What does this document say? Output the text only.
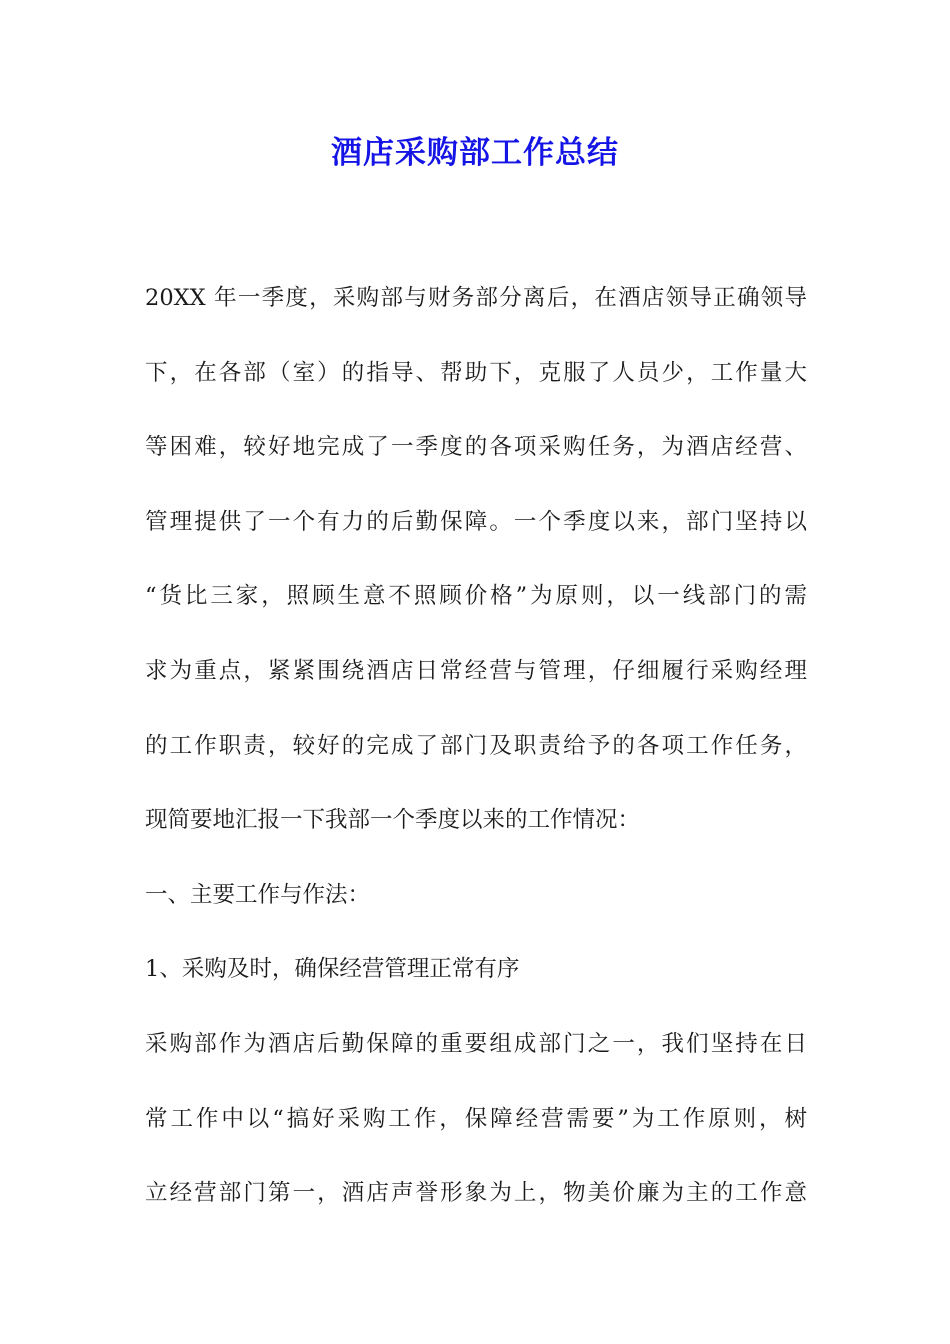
酒店采购部工作总结
20XX 年一季度，采购部与财务部分离后，在酒店领导正确领导
下，在各部（室）的指导、帮助下，克服了人员少，工作量大
等困难，较好地完成了一季度的各项采购任务，为酒店经营、
管理提供了一个有力的后勤保障。一个季度以来，部门坚持以
“货比三家，照顾生意不照顾价格”为原则，以一线部门的需
求为重点，紧紧围绕酒店日常经营与管理，仔细履行采购经理
的工作职责，较好的完成了部门及职责给予的各项工作任务，
现简要地汇报一下我部一个季度以来的工作情况：
一、主要工作与作法：
1、采购及时，确保经营管理正常有序
采购部作为酒店后勤保障的重要组成部门之一，我们坚持在日
常工作中以“搞好采购工作，保障经营需要”为工作原则，树
立经营部门第一，酒店声誉形象为上，物美价廉为主的工作意
